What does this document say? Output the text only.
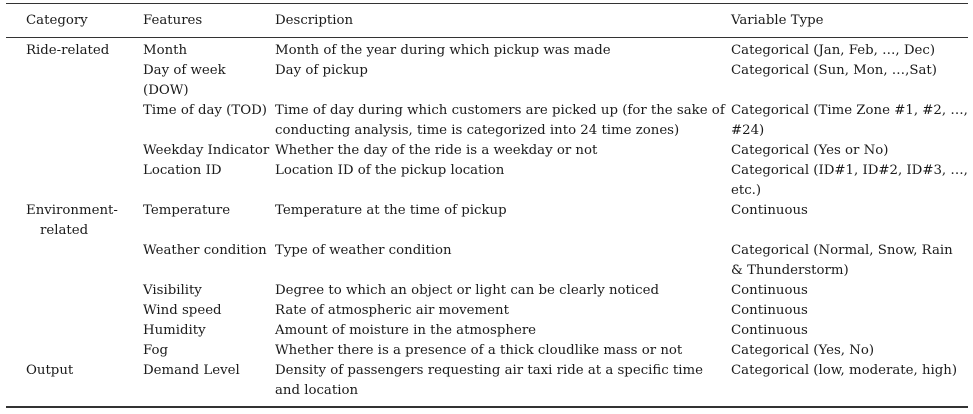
Category	Features	Description	Variable Type

Ride-related	Month	Month of the year during which pickup was made	Categorical (Jan, Feb, …, Dec)

	Day of week (DOW)	Day of pickup	Categorical (Sun, Mon, …,Sat)

	Time of day (TOD)	Time of day during which customers are picked up (for the sake of conducting analysis, time is categorized into 24 time zones)	Categorical (Time Zone #1, #2, …, #24)

	Weekday Indicator	Whether the day of the ride is a weekday or not	Categorical (Yes or No)

	Location ID	Location ID of the pickup location	Categorical (ID#1, ID#2, ID#3, …, etc.)

Environment-
related	Temperature	Temperature at the time of pickup	Continuous

	Weather condition	Type of weather condition	Categorical (Normal, Snow, Rain & Thunderstorm)

	Visibility	Degree to which an object or light can be clearly noticed	Continuous

	Wind speed	Rate of atmospheric air movement	Continuous

	Humidity	Amount of moisture in the atmosphere	Continuous

	Fog	Whether there is a presence of a thick cloudlike mass or not	Categorical (Yes, No)

Output	Demand Level	Density of passengers requesting air taxi ride at a specific time and location	Categorical (low, moderate, high)
